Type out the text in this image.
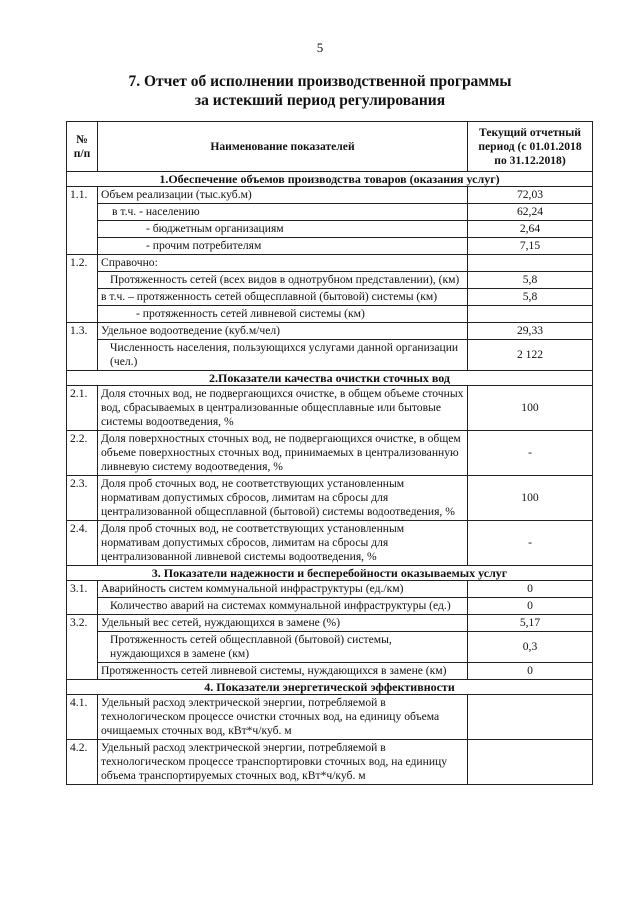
5
7. Отчет об исполнении производственной программы
за истекший период регулирования
№ п/п	Наименование показателей	Текущий отчетный период (с 01.01.2018 по 31.12.2018)
1.Обеспечение объемов производства товаров (оказания услуг)		
1.1.	Объем реализации (тыс.куб.м)	72,03
	в т.ч. - населению	62,24
	- бюджетным организациям	2,64
	- прочим потребителям	7,15
1.2.	Справочно:	
	Протяженность сетей (всех видов в однотрубном представлении), (км)	5,8
	в т.ч. – протяженность сетей общесплавной (бытовой) системы (км)	5,8
	- протяженность сетей ливневой системы (км)	
1.3.	Удельное водоотведение (куб.м/чел)	29,33
	Численность населения, пользующихся услугами данной организации (чел.)	2 122
2.Показатели качества очистки сточных вод		
2.1.	Доля сточных вод, не подвергающихся очистке, в общем объеме сточных вод, сбрасываемых в централизованные общесплавные или бытовые системы водоотведения, %	100
2.2.	Доля поверхностных сточных вод, не подвергающихся очистке, в общем объеме поверхностных сточных вод, принимаемых в централизованную ливневую систему водоотведения, %	-
2.3.	Доля проб сточных вод, не соответствующих установленным нормативам допустимых сбросов, лимитам на сбросы для централизованной общесплавной (бытовой) системы водоотведения, %	100
2.4.	Доля проб сточных вод, не соответствующих установленным нормативам допустимых сбросов, лимитам на сбросы для централизованной ливневой системы водоотведения, %	-
3. Показатели надежности и бесперебойности оказываемых услуг		
3.1.	Аварийность систем коммунальной инфраструктуры (ед./км)	0
	Количество аварий на системах коммунальной инфраструктуры (ед.)	0
3.2.	Удельный вес сетей, нуждающихся в замене (%)	5,17
	Протяженность сетей общесплавной (бытовой) системы, нуждающихся в замене (км)	0,3
	Протяженность сетей ливневой системы, нуждающихся в замене (км)	0
4. Показатели энергетической эффективности		
4.1.	Удельный расход электрической энергии, потребляемой в технологическом процессе очистки сточных вод, на единицу объема очищаемых сточных вод, кВт*ч/куб. м	
4.2.	Удельный расход электрической энергии, потребляемой в технологическом процессе транспортировки сточных вод, на единицу объема транспортируемых сточных вод, кВт*ч/куб. м	
